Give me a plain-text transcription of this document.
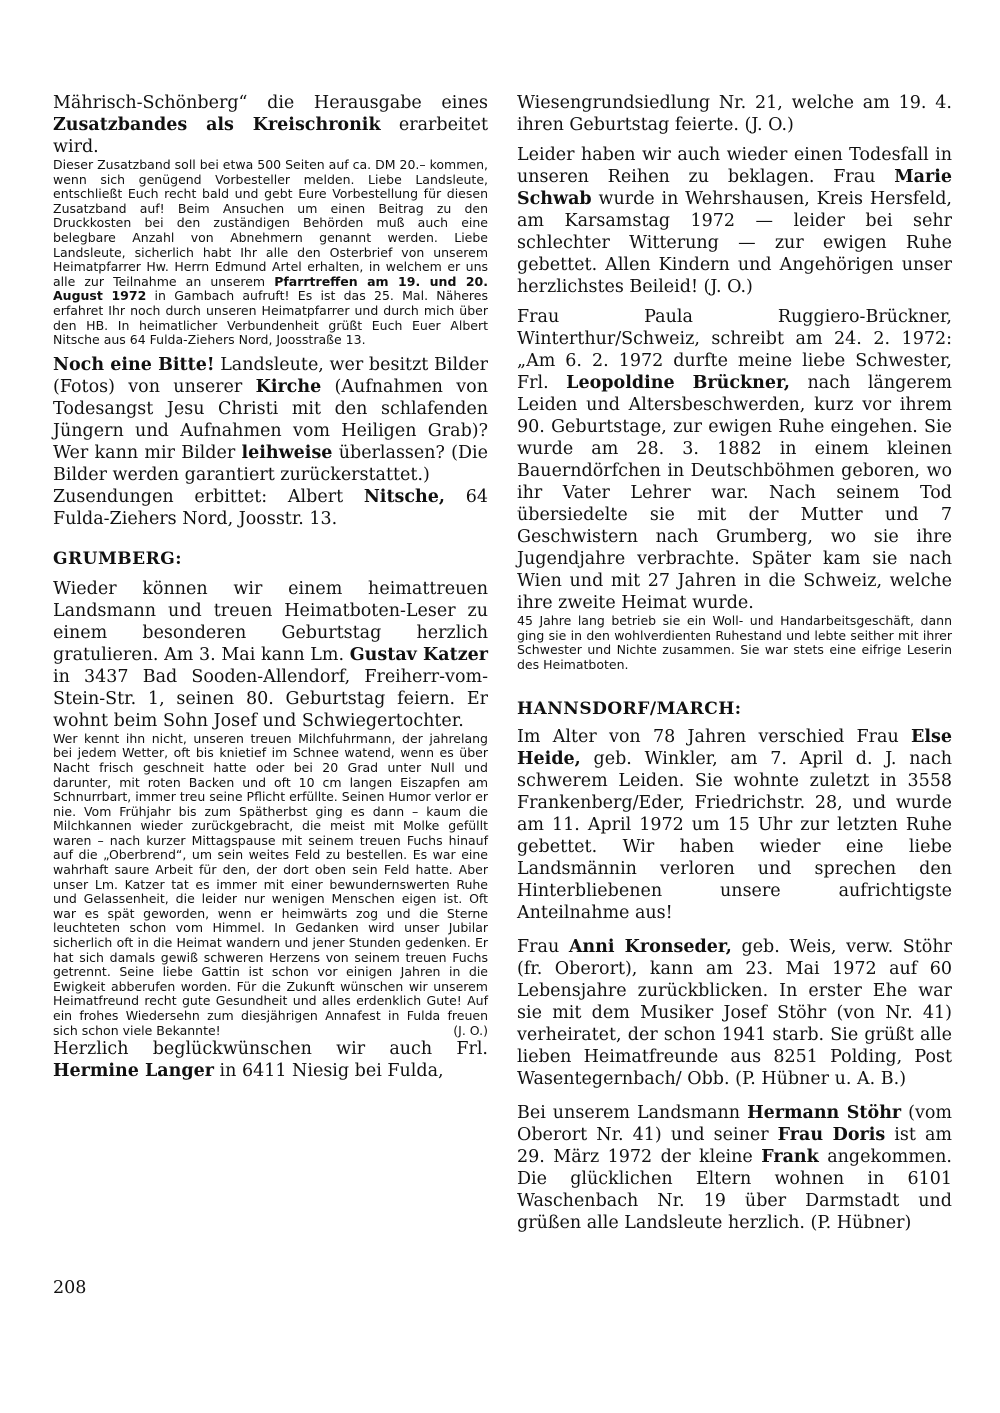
Mährisch-Schönberg“ die Herausgabe eines Zusatzbandes als Kreischronik erarbeitet wird.

Dieser Zusatzband soll bei etwa 500 Seiten auf ca. DM 20.– kommen, wenn sich genügend Vorbesteller melden. Liebe Landsleute, entschließt Euch recht bald und gebt Eure Vorbestellung für diesen Zusatzband auf! Beim Ansuchen um einen Beitrag zu den Druckkosten bei den zuständigen Behörden muß auch eine belegbare Anzahl von Abnehmern genannt werden. Liebe Landsleute, sicherlich habt Ihr alle den Osterbrief von unserem Heimatpfarrer Hw. Herrn Edmund Artel erhalten, in welchem er uns alle zur Teilnahme an unserem Pfarrtreffen am 19. und 20. August 1972 in Gambach aufruft! Es ist das 25. Mal. Näheres erfahret Ihr noch durch unseren Heimatpfarrer und durch mich über den HB. In heimatlicher Verbundenheit grüßt Euch Euer Albert Nitsche aus 64 Fulda-Ziehers Nord, Joosstraße 13.

Noch eine Bitte! Landsleute, wer besitzt Bilder (Fotos) von unserer Kirche (Aufnahmen von Todesangst Jesu Christi mit den schlafenden Jüngern und Aufnahmen vom Heiligen Grab)? Wer kann mir Bilder leihweise überlassen? (Die Bilder werden garantiert zurückerstattet.)

Zusendungen erbittet: Albert Nitsche, 64 Fulda-Ziehers Nord, Joosstr. 13.

GRUMBERG:

Wieder können wir einem heimattreuen Landsmann und treuen Heimatboten-Leser zu einem besonderen Geburtstag herzlich gratulieren. Am 3. Mai kann Lm. Gustav Katzer in 3437 Bad Sooden-Allendorf, Freiherr-vom-Stein-Str. 1, seinen 80. Geburtstag feiern. Er wohnt beim Sohn Josef und Schwiegertochter.

Wer kennt ihn nicht, unseren treuen Milchfuhrmann, der jahrelang bei jedem Wetter, oft bis knietief im Schnee watend, wenn es über Nacht frisch geschneit hatte oder bei 20 Grad unter Null und darunter, mit roten Backen und oft 10 cm langen Eiszapfen am Schnurrbart, immer treu seine Pflicht erfüllte. Seinen Humor verlor er nie. Vom Frühjahr bis zum Spätherbst ging es dann – kaum die Milchkannen wieder zurückgebracht, die meist mit Molke gefüllt waren – nach kurzer Mittagspause mit seinem treuen Fuchs hinauf auf die „Oberbrend“, um sein weites Feld zu bestellen. Es war eine wahrhaft saure Arbeit für den, der dort oben sein Feld hatte. Aber unser Lm. Katzer tat es immer mit einer bewundernswerten Ruhe und Gelassenheit, die leider nur wenigen Menschen eigen ist. Oft war es spät geworden, wenn er heimwärts zog und die Sterne leuchteten schon vom Himmel. In Gedanken wird unser Jubilar sicherlich oft in die Heimat wandern und jener Stunden gedenken. Er hat sich damals gewiß schweren Herzens von seinem treuen Fuchs getrennt. Seine liebe Gattin ist schon vor einigen Jahren in die Ewigkeit abberufen worden. Für die Zukunft wünschen wir unserem Heimatfreund recht gute Gesundheit und alles erdenklich Gute! Auf ein frohes Wiedersehn zum diesjährigen Annafest in Fulda freuen sich schon viele Bekannte!	(J. O.)

Herzlich beglückwünschen wir auch Frl. Hermine Langer in 6411 Niesig bei Fulda,

Wiesengrundsiedlung Nr. 21, welche am 19. 4. ihren Geburtstag feierte. (J. O.)

Leider haben wir auch wieder einen Todesfall in unseren Reihen zu beklagen. Frau Marie Schwab wurde in Wehrshausen, Kreis Hersfeld, am Karsamstag 1972 — leider bei sehr schlechter Witterung — zur ewigen Ruhe gebettet. Allen Kindern und Angehörigen unser herzlichstes Beileid! (J. O.)

Frau Paula Ruggiero-Brückner, Winterthur/Schweiz, schreibt am 24. 2. 1972: „Am 6. 2. 1972 durfte meine liebe Schwester, Frl. Leopoldine Brückner, nach längerem Leiden und Altersbeschwerden, kurz vor ihrem 90. Geburtstage, zur ewigen Ruhe eingehen. Sie wurde am 28. 3. 1882 in einem kleinen Bauerndörfchen in Deutschböhmen geboren, wo ihr Vater Lehrer war. Nach seinem Tod übersiedelte sie mit der Mutter und 7 Geschwistern nach Grumberg, wo sie ihre Jugendjahre verbrachte. Später kam sie nach Wien und mit 27 Jahren in die Schweiz, welche ihre zweite Heimat wurde.

45 Jahre lang betrieb sie ein Woll- und Handarbeitsgeschäft, dann ging sie in den wohlverdienten Ruhestand und lebte seither mit ihrer Schwester und Nichte zusammen. Sie war stets eine eifrige Leserin des Heimatboten.

HANNSDORF/MARCH:

Im Alter von 78 Jahren verschied Frau Else Heide, geb. Winkler, am 7. April d. J. nach schwerem Leiden. Sie wohnte zuletzt in 3558 Frankenberg/Eder, Friedrichstr. 28, und wurde am 11. April 1972 um 15 Uhr zur letzten Ruhe gebettet. Wir haben wieder eine liebe Landsmännin verloren und sprechen den Hinterbliebenen unsere aufrichtigste Anteilnahme aus!

Frau Anni Kronseder, geb. Weis, verw. Stöhr (fr. Oberort), kann am 23. Mai 1972 auf 60 Lebensjahre zurückblicken. In erster Ehe war sie mit dem Musiker Josef Stöhr (von Nr. 41) verheiratet, der schon 1941 starb. Sie grüßt alle lieben Heimatfreunde aus 8251 Polding, Post Wasentegernbach/ Obb. (P. Hübner u. A. B.)

Bei unserem Landsmann Hermann Stöhr (vom Oberort Nr. 41) und seiner Frau Doris ist am 29. März 1972 der kleine Frank angekommen. Die glücklichen Eltern wohnen in 6101 Waschenbach Nr. 19 über Darmstadt und grüßen alle Landsleute herzlich. (P. Hübner)

208
